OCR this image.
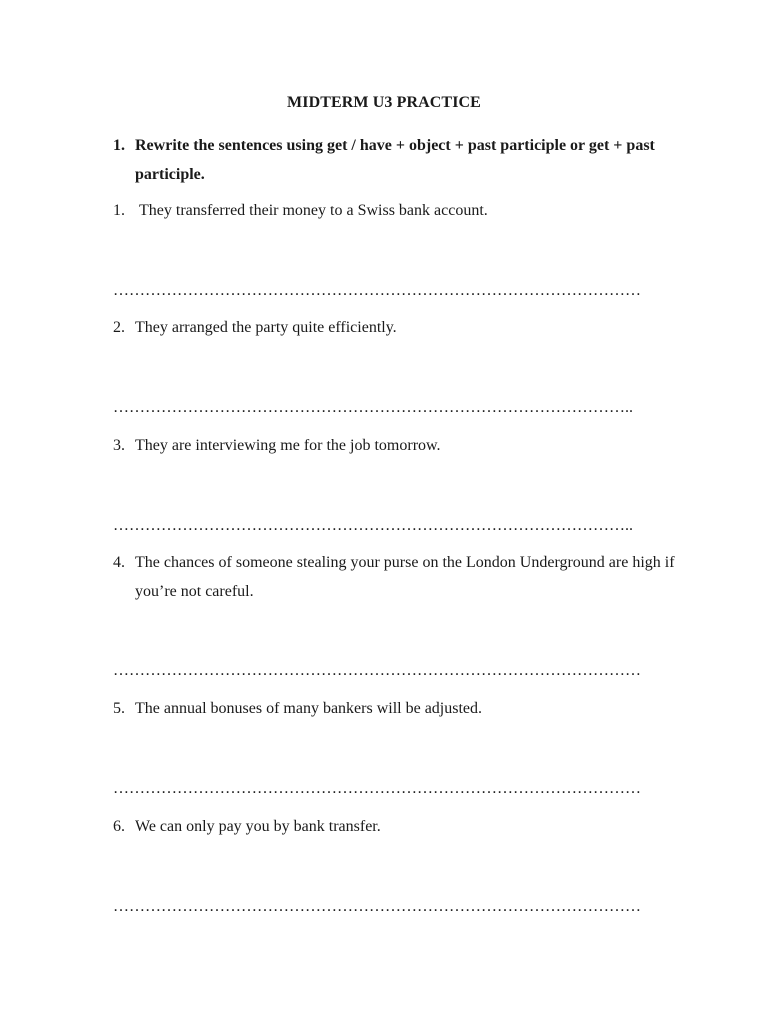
MIDTERM U3 PRACTICE
1. Rewrite the sentences using get / have + object + past participle or get + past participle.
1. They transferred their money to a Swiss bank account.
………………………………………………………………………………………
2. They arranged the party quite efficiently.
……………………………………………………………………………………..
3. They are interviewing me for the job tomorrow.
……………………………………………………………………………………..
4. The chances of someone stealing your purse on the London Underground are high if you’re not careful.
………………………………………………………………………………………
5. The annual bonuses of many bankers will be adjusted.
………………………………………………………………………………………
6. We can only pay you by bank transfer.
………………………………………………………………………………………
